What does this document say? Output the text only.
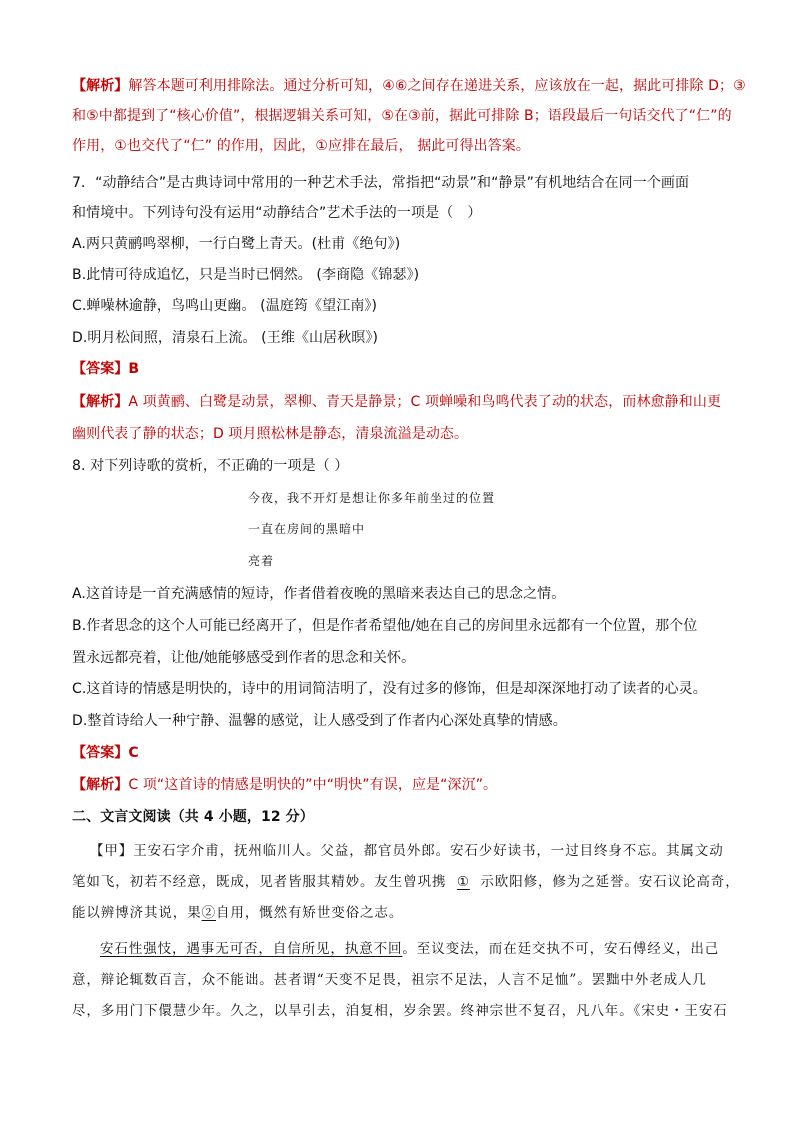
【解析】解答本题可利用排除法。通过分析可知，④⑥之间存在递进关系，应该放在一起，据此可排除 D；③
和⑤中都提到了“核心价值”，根据逻辑关系可知，⑤在③前，据此可排除 B；语段最后一句话交代了“仁”的
作用，①也交代了“仁” 的作用，因此，①应排在最后， 据此可得出答案。
7．“动静结合”是古典诗词中常用的一种艺术手法，常指把“动景”和“静景”有机地结合在同一个画面
和情境中。下列诗句没有运用“动静结合”艺术手法的一项是（　）
A.两只黄鹂鸣翠柳，一行白鹭上青天。(杜甫《绝句》)
B.此情可待成追忆，只是当时已惘然。 (李商隐《锦瑟》)
C.蝉噪林逾静，鸟鸣山更幽。 (温庭筠《望江南》)
D.明月松间照，清泉石上流。 (王维《山居秋暝》)
【答案】B
【解析】A 项黄鹂、白鹭是动景，翠柳、青天是静景；C 项蝉噪和鸟鸣代表了动的状态，而林愈静和山更
幽则代表了静的状态；D 项月照松林是静态，清泉流溢是动态。
8. 对下列诗歌的赏析，不正确的一项是（ ）
今夜，我不开灯是想让你多年前坐过的位置
一直在房间的黑暗中
亮着
A.这首诗是一首充满感情的短诗，作者借着夜晚的黑暗来表达自己的思念之情。
B.作者思念的这个人可能已经离开了，但是作者希望他/她在自己的房间里永远都有一个位置，那个位
置永远都亮着，让他/她能够感受到作者的思念和关怀。
C.这首诗的情感是明快的，诗中的用词简洁明了，没有过多的修饰，但是却深深地打动了读者的心灵。
D.整首诗给人一种宁静、温馨的感觉，让人感受到了作者内心深处真挚的情感。
【答案】C
【解析】C 项“这首诗的情感是明快的”中“明快”有误，应是“深沉”。
二、文言文阅读（共 4 小题，12 分）
【甲】王安石字介甫，抚州临川人。父益，都官员外郎。安石少好读书，一过目终身不忘。其属文动
笔如飞，初若不经意，既成，见者皆服其精妙。友生曾巩携 ① 示欧阳修，修为之延誉。安石议论高奇，
能以辨博济其说，果②自用，慨然有矫世变俗之志。
安石性强忮，遇事无可否，自信所见，执意不回。至议变法，而在廷交执不可，安石傅经义，出己
意，辩论辄数百言，众不能诎。甚者谓“天变不足畏，祖宗不足法，人言不足恤”。罢黜中外老成人几
尽，多用门下儇慧少年。久之，以旱引去，洎复相，岁余罢。终神宗世不复召，凡八年。《宋史・王安石
